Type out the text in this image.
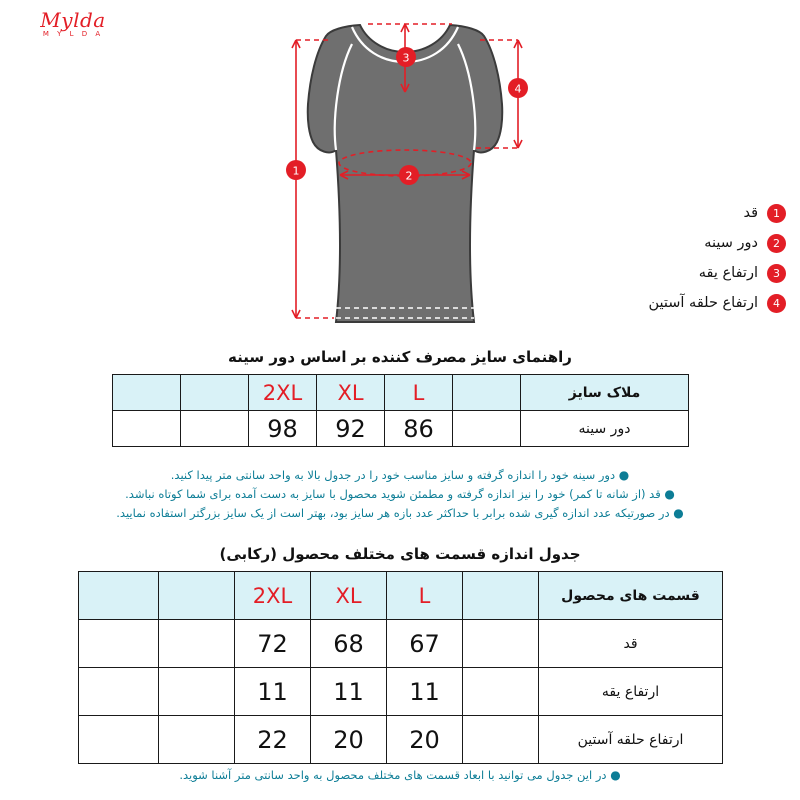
Mylda
M Y L D A
1	2
3
4
1
قد
2
دور سینه
3
ارتفاع یقه
4
ارتفاع حلقه آستین
راهنمای سایز مصرف کننده بر اساس دور سینه
ملاک سایز		L	XL	2XL		
دور سینه		86	92	98		
● دور سینه خود را اندازه گرفته و سایز مناسب خود را در جدول بالا به واحد سانتی متر پیدا کنید.
● قد (از شانه تا کمر) خود را نیز اندازه گرفته و مطمئن شوید محصول با سایز به دست آمده برای شما کوتاه نباشد.
● در صورتیکه عدد اندازه گیری شده برابر با حداکثر عدد بازه هر سایز بود، بهتر است از یک سایز بزرگتر استفاده نمایید.
جدول اندازه قسمت های مختلف محصول (رکابی)
قسمت های محصول		L	XL	2XL		
قد		67	68	72		
ارتفاع یقه		11	11	11		
ارتفاع حلقه آستین		20	20	22		
● در این جدول می توانید با ابعاد قسمت های مختلف محصول به واحد سانتی متر آشنا شوید.
